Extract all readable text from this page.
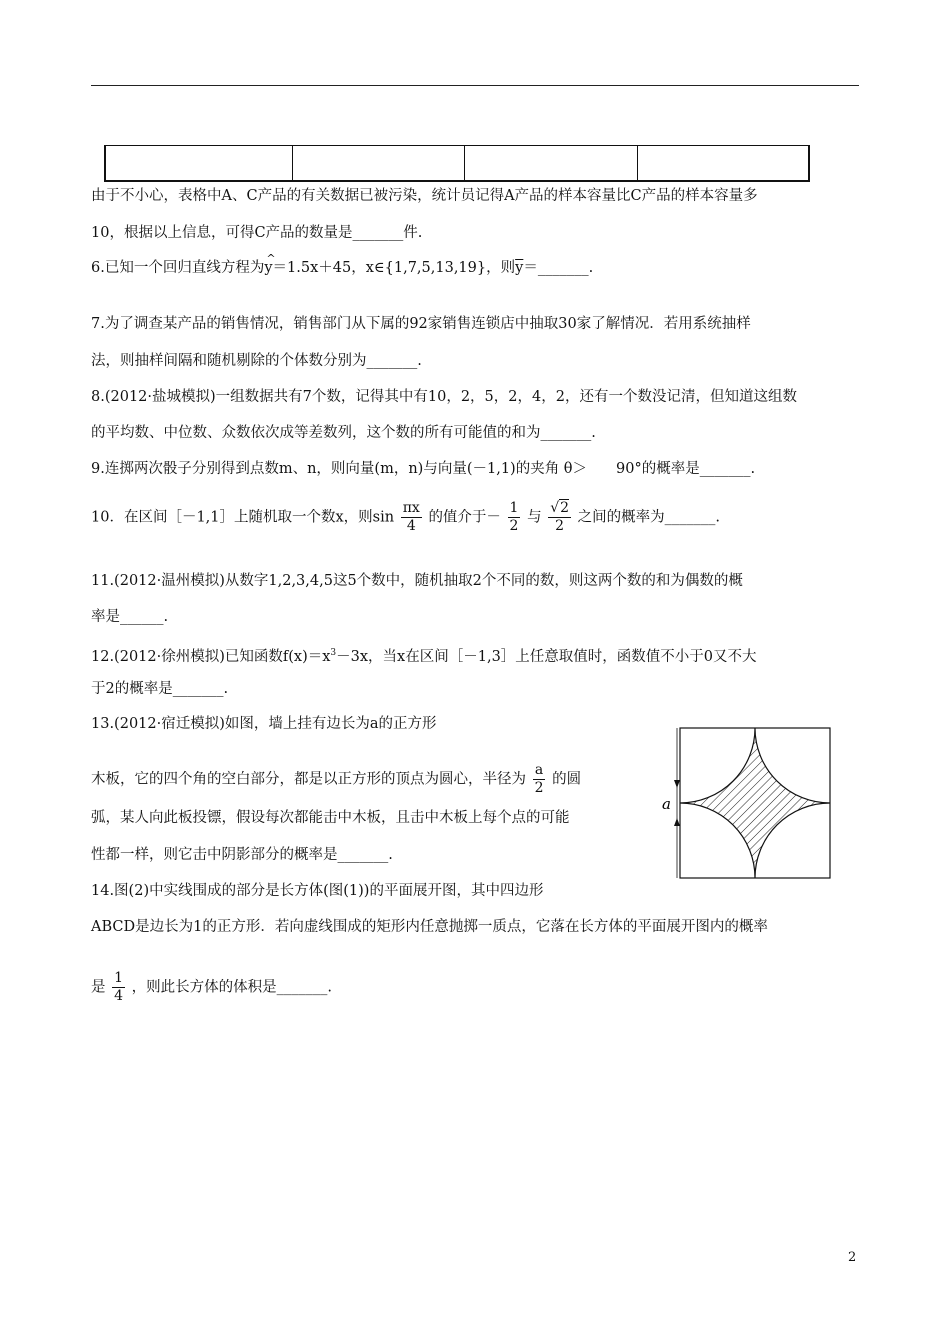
由于不小心，表格中A、C产品的有关数据已被污染，统计员记得A产品的样本容量比C产品的样本容量多
10，根据以上信息，可得C产品的数量是_______件.
6.已知一个回归直线方程为^ y＝1.5x＋45，x∈{1,7,5,13,19}，则$\overline{y}=\_\_\_\_\_\_\_$.
7.为了调查某产品的销售情况，销售部门从下属的92家销售连锁店中抽取30家了解情况．若用系统抽样
法，则抽样间隔和随机剔除的个体数分别为_______.
8.(2012·盐城模拟)一组数据共有7个数，记得其中有10，2，5，2，4，2，还有一个数没记清，但知道这组数
的平均数、中位数、众数依次成等差数列，这个数的所有可能值的和为_______.
9.连掷两次骰子分别得到点数m、n，则向量(m，n)与向量(－1,1)的夹角 θ＞　　90°的概率是_______.
10．在区间［－1,1］上随机取一个数x，则$\sin \frac{\pi x}{4}$ 的值介于－ $\frac{1}{2}$ 与 $\frac{√2}{2}$ 之间的概率为_______.
11.(2012·温州模拟)从数字1,2,3,4,5这5个数中，随机抽取2个不同的数，则这两个数的和为偶数的概
率是______.
12.(2012·徐州模拟)已知函数$f(x)=x^3-3x$，当x在区间［－1,3］上任意取值时，函数值不小于0又不大
于2的概率是_______.
13.(2012·宿迁模拟)如图，墙上挂有边长为a的正方形
木板，它的四个角的空白部分，都是以正方形的顶点为圆心，半径为 $\frac{a}{2}$ 的圆
弧，某人向此板投镖，假设每次都能击中木板，且击中木板上每个点的可能
性都一样，则它击中阴影部分的概率是_______.
14.图(2)中实线围成的部分是长方体(图(1))的平面展开图，其中四边形
ABCD是边长为1的正方形．若向虚线围成的矩形内任意抛掷一质点，它落在长方体的平面展开图内的概率
是 $\frac{1}{4}$ ，则此长方体的体积是_______.
a
2
